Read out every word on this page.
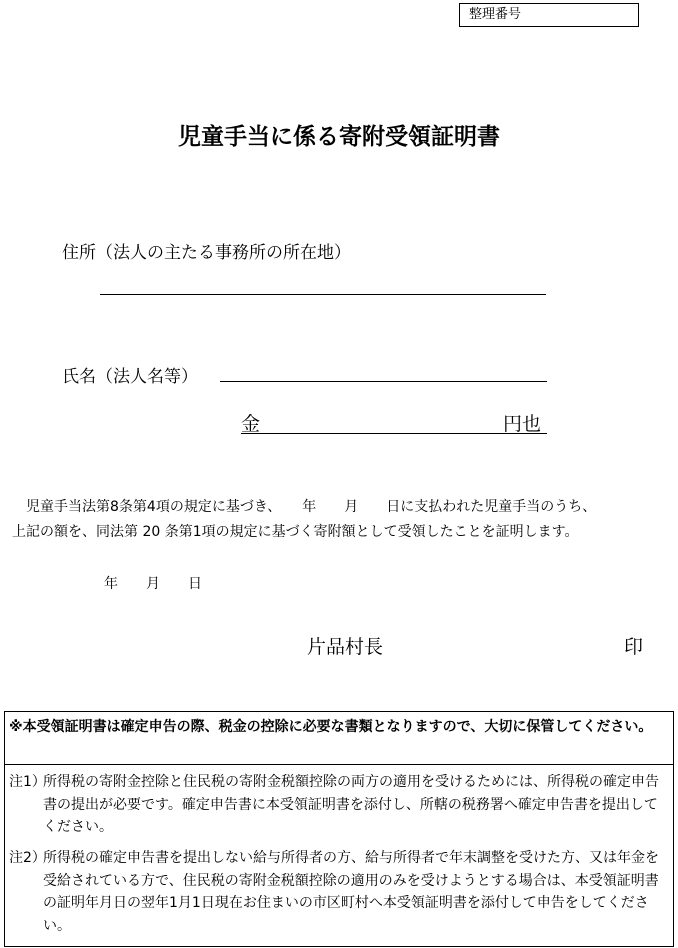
整理番号
児童手当に係る寄附受領証明書
住所（法人の主たる事務所の所在地）
氏名（法人名等）
金	円也
児童手当法第8条第4項の規定に基づき、　　年　　月　　日に支払われた児童手当のうち、
上記の額を、同法第 20 条第1項の規定に基づく寄附額として受領したことを証明します。
年　　月　　日
片品村長	印
※本受領証明書は確定申告の際、税金の控除に必要な書類となりますので、大切に保管してください。
注1）
所得税の寄附金控除と住民税の寄附金税額控除の両方の適用を受けるためには、所得税の確定申告書の提出が必要です。確定申告書に本受領証明書を添付し、所轄の税務署へ確定申告書を提出してください。
注2）
所得税の確定申告書を提出しない給与所得者の方、給与所得者で年末調整を受けた方、又は年金を受給されている方で、住民税の寄附金税額控除の適用のみを受けようとする場合は、本受領証明書の証明年月日の翌年1月1日現在お住まいの市区町村へ本受領証明書を添付して申告をしてください。
